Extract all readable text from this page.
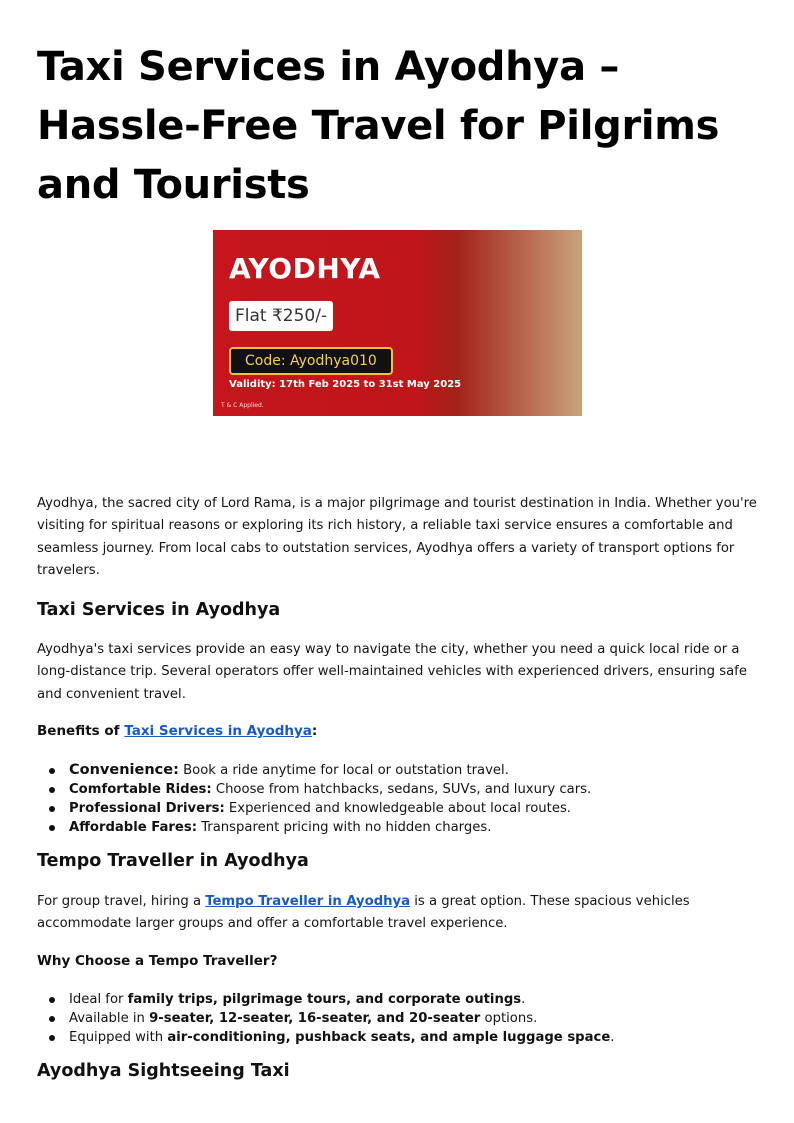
Taxi Services in Ayodhya – Hassle-Free Travel for Pilgrims and Tourists
AYODHYA
Flat ₹250/-
Code: Ayodhya010
Validity: 17th Feb 2025 to 31st May 2025
T & C Applied.

Ayodhya, the sacred city of Lord Rama, is a major pilgrimage and tourist destination in India. Whether you're visiting for spiritual reasons or exploring its rich history, a reliable taxi service ensures a comfortable and seamless journey. From local cabs to outstation services, Ayodhya offers a variety of transport options for travelers.

Taxi Services in Ayodhya

Ayodhya's taxi services provide an easy way to navigate the city, whether you need a quick local ride or a long-distance trip. Several operators offer well-maintained vehicles with experienced drivers, ensuring safe and convenient travel.

Benefits of Taxi Services in Ayodhya:

Convenience: Book a ride anytime for local or outstation travel.
Comfortable Rides: Choose from hatchbacks, sedans, SUVs, and luxury cars.
Professional Drivers: Experienced and knowledgeable about local routes.
Affordable Fares: Transparent pricing with no hidden charges.
Tempo Traveller in Ayodhya

For group travel, hiring a Tempo Traveller in Ayodhya is a great option. These spacious vehicles accommodate larger groups and offer a comfortable travel experience.

Why Choose a Tempo Traveller?

Ideal for family trips, pilgrimage tours, and corporate outings.
Available in 9-seater, 12-seater, 16-seater, and 20-seater options.
Equipped with air-conditioning, pushback seats, and ample luggage space.
Ayodhya Sightseeing Taxi
